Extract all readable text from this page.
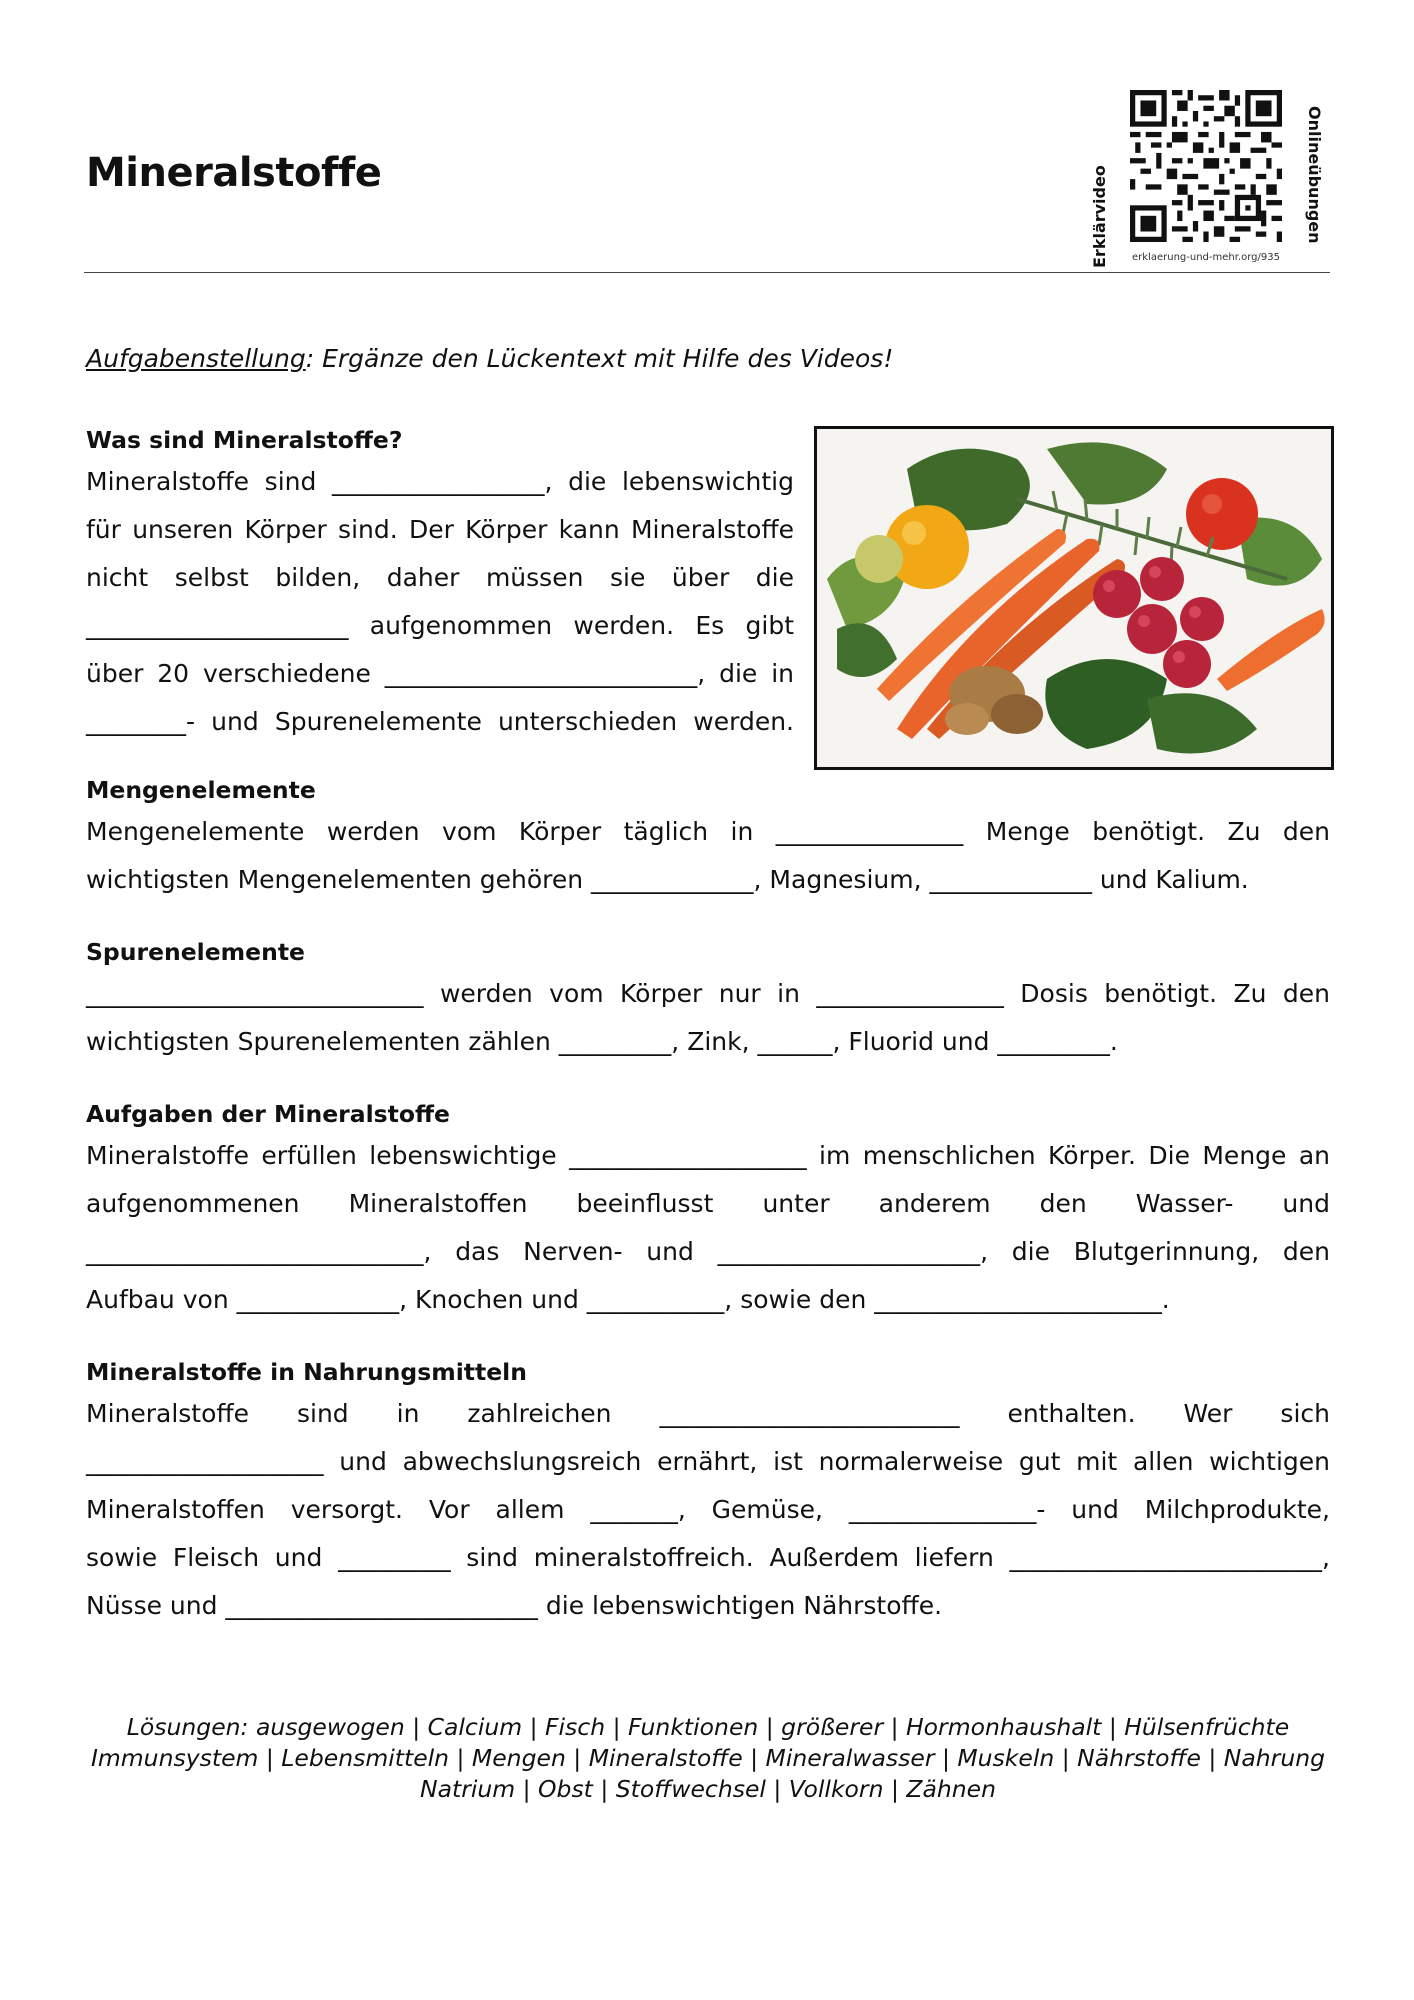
Mineralstoffe	Erklärvideo	Onlineübungen
erklaerung-und-mehr.org/935
Aufgabenstellung: Ergänze den Lückentext mit Hilfe des Videos!

Was sind Mineralstoffe?

Mineralstoffe sind _________________, die lebenswichtig

für unseren Körper sind. Der Körper kann Mineralstoffe

nicht selbst bilden, daher müssen sie über die

_____________________ aufgenommen werden. Es gibt

über 20 verschiedene _________________________, die in

________- und Spurenelemente unterschieden werden.

Mengenelemente

Mengenelemente werden vom Körper täglich in _______________ Menge benötigt. Zu den

wichtigsten Mengenelementen gehören _____________, Magnesium, _____________ und Kalium.

Spurenelemente

___________________________ werden vom Körper nur in _______________ Dosis benötigt. Zu den

wichtigsten Spurenelementen zählen _________, Zink, ______, Fluorid und _________.

Aufgaben der Mineralstoffe

Mineralstoffe erfüllen lebenswichtige ___________________ im menschlichen Körper. Die Menge an

aufgenommenen Mineralstoffen beeinflusst unter anderem den Wasser- und

___________________________, das Nerven- und _____________________, die Blutgerinnung, den

Aufbau von _____________, Knochen und ___________, sowie den _______________________.

Mineralstoffe in Nahrungsmitteln

Mineralstoffe sind in zahlreichen ________________________ enthalten. Wer sich

___________________ und abwechslungsreich ernährt, ist normalerweise gut mit allen wichtigen

Mineralstoffen versorgt. Vor allem _______, Gemüse, _______________- und Milchprodukte,

sowie Fleisch und _________ sind mineralstoffreich. Außerdem liefern _________________________,

Nüsse und _________________________ die lebenswichtigen Nährstoffe.

Lösungen: ausgewogen | Calcium | Fisch | Funktionen | größerer | Hormonhaushalt | Hülsenfrüchte
Immunsystem | Lebensmitteln | Mengen | Mineralstoffe | Mineralwasser | Muskeln | Nährstoffe | Nahrung
Natrium | Obst | Stoffwechsel | Vollkorn | Zähnen
